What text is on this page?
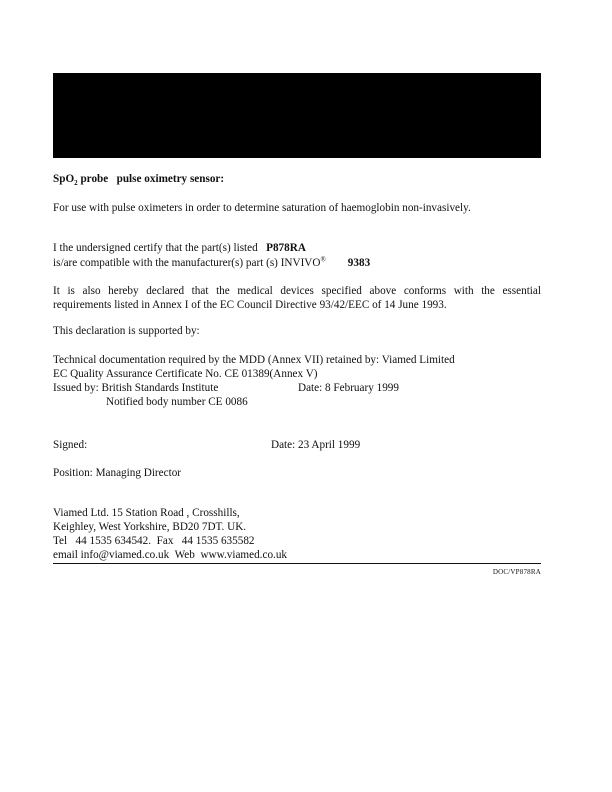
SpO$_2$ probe   pulse oximetry sensor:
For use with pulse oximeters in order to determine saturation of haemoglobin non-invasively.
I the undersigned certify that the part(s) listed   P878RA
is/are compatible with the manufacturer(s) part (s) INVIVO® 9383
It is also hereby declared that the medical devices specified above conforms with the essential
requirements listed in Annex I of the EC Council Directive 93/42/EEC of 14 June 1993.
This declaration is supported by:
Technical documentation required by the MDD (Annex VII) retained by: Viamed Limited
EC Quality Assurance Certificate No. CE 01389(Annex V)
Issued by: British Standards Institute	Date: 8 February 1999
Notified body number CE 0086
Signed:	Date: 23 April 1999
Position: Managing Director
Viamed Ltd. 15 Station Road , Crosshills,
Keighley, West Yorkshire, BD20 7DT. UK.
Tel   44 1535 634542.  Fax   44 1535 635582
email info@viamed.co.uk  Web  www.viamed.co.uk
DOC/VP878RA
